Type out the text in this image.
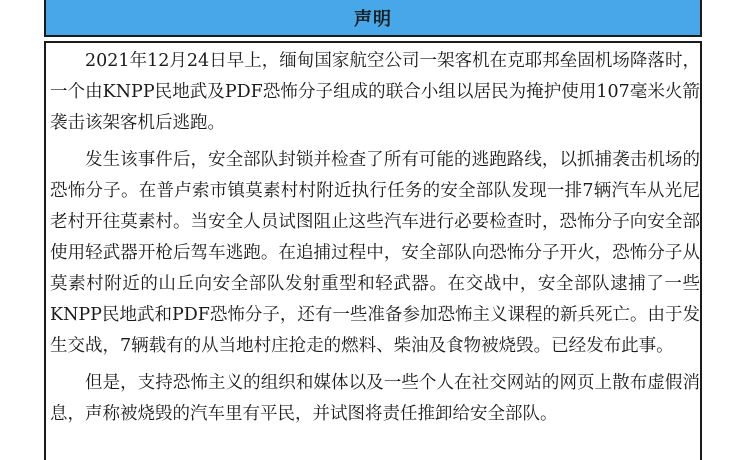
声明

2021年12月24日早上，缅甸国家航空公司一架客机在克耶邦垒固机场降落时，一个由KNPP民地武及PDF恐怖分子组成的联合小组以居民为掩护使用107毫米火箭袭击该架客机后逃跑。

发生该事件后，安全部队封锁并检查了所有可能的逃跑路线，以抓捕袭击机场的恐怖分子。在普卢索市镇莫素村村附近执行任务的安全部队发现一排7辆汽车从光尼老村开往莫素村。当安全人员试图阻止这些汽车进行必要检查时，恐怖分子向安全部使用轻武器开枪后驾车逃跑。在追捕过程中，安全部队向恐怖分子开火，恐怖分子从莫素村附近的山丘向安全部队发射重型和轻武器。在交战中，安全部队逮捕了一些KNPP民地武和PDF恐怖分子，还有一些准备参加恐怖主义课程的新兵死亡。由于发生交战，7辆载有的从当地村庄抢走的燃料、柴油及食物被烧毁。已经发布此事。

但是，支持恐怖主义的组织和媒体以及一些个人在社交网站的网页上散布虚假消息，声称被烧毁的汽车里有平民，并试图将责任推卸给安全部队。
